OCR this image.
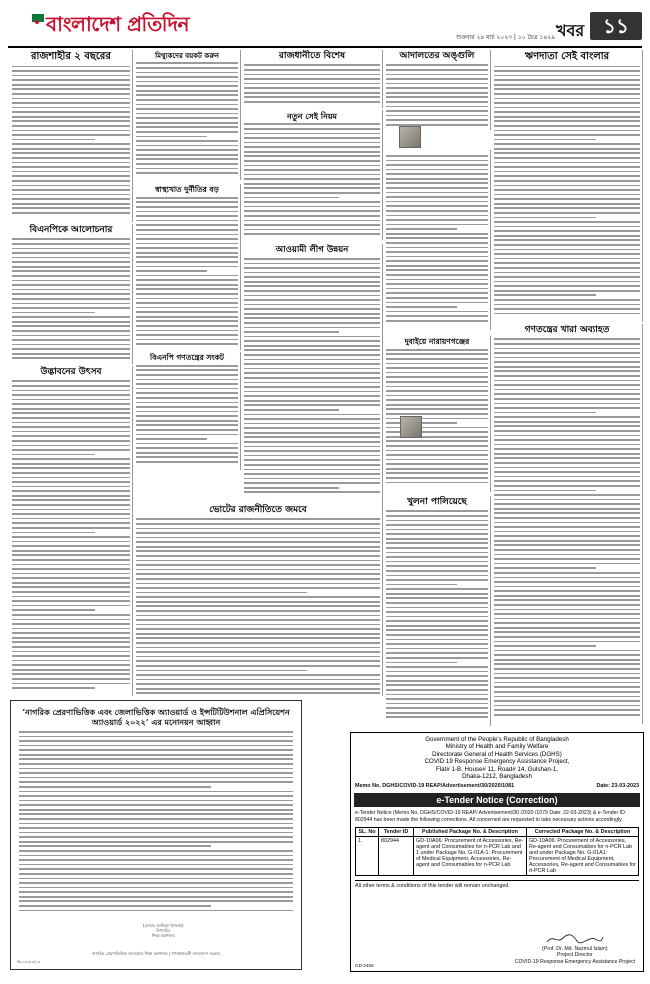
বাংলাদেশ প্রতিদিন
শুক্রবার ২৪ মার্চ ২০২৩ | ১০ চৈত্র ১৪২৯ খবর ১১
রাজশাহীর ২ বছরের	মিথ্যুকদের বয়কট করুন	রাজধানীতে বিশেষ	আদালতের অঙ্গুলি	ঋণদাতা সেই বাংলার
বিএনপিকে আলোচনার
স্বাস্থ্যখাত দুর্নীতির বড়
নতুন সেই নিয়ম
বিএনপি গণতন্ত্রের সংকট
আওয়ামী লীগ উন্নয়ন
দুবাইয়ে নারায়ণগঞ্জের
গণতন্ত্রের খারা অব্যাহত
উদ্ভাবনের উৎসব
ভোটের রাজনীতিতে জমবে
খুলনা পালিয়েছে
‘নাগরিক প্রেরণাভিত্তিক এবং জেলাভিত্তিক অ্যাওয়ার্ড ও ইন্সটিটিউশনাল এপ্রিসিয়েশন অ্যাওয়ার্ড ২০২২’ এর মনোনয়ন আহ্বান
(মোহাঃ আমিনুল ইসলাম)
উপসচিব
শিক্ষা মন্ত্রণালয়
নাগরিক প্রেরণাভিত্তিক অ্যাওয়ার্ড শিক্ষা মন্ত্রণালয় | গণপ্রজাতন্ত্রী বাংলাদেশ সরকার
জি-২৪৩৮৩/২৩
Government of the People's Republic of Bangladesh
Ministry of Health and Family Welfare
Directorate General of Health Services (DGHS)
COVID 19 Response Emergency Assistance Project,
Flat# 1-B, House# 11, Road# 14, Gulshan-1,
Dhaka-1212, Bangladesh
Memo No. DGHS/COVID-19 REAP/Advertisement/30/2020/1081	Date: 23-03-2023
e-Tender Notice (Correction)
e-Tender Notice (Memo No. DGHS/COVID-19 REAP/ Advertisement/30 /2020 /1079 Date: 22-03-2023) & e-Tender ID: 802944 has been made the following corrections. All concerned are requested to take necessary actions accordingly.
SL. No	Tender ID	Published Package No. & Description	Corrected Package No. & Description
1.	802944	GD-10A06: Procurement of Accessories, Re-agent and Consumables for n-PCR Lab and 1 under Package No. G-01A-1: Procurement of Medical Equipment, Accessories, Re-agent and Consumables for n-PCR Lab	GD-10A06: Procurement of Accessories, Re-agent and Consumables for n-PCR Lab and under Package No. G-01A1: Procurement of Medical Equipment, Accessories, Re-agent and Consumables for rt-PCR Lab
All other terms & conditions of this tender will remain unchanged.
(Prof. Dr. Md. Nazmul Islam)
Project Director
COVID-19 Response Emergency Assistance Project
GD-2456
